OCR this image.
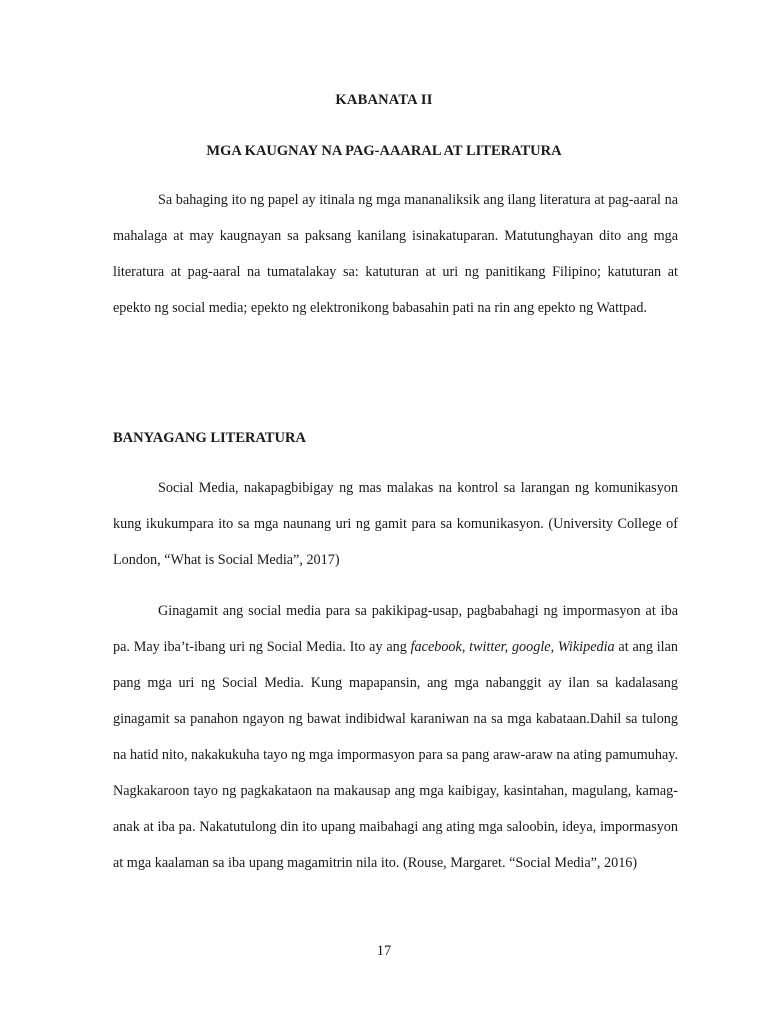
KABANATA II

MGA KAUGNAY NA PAG-AAARAL AT LITERATURA

Sa bahaging ito ng papel ay itinala ng mga mananaliksik ang ilang literatura at pag-aaral na mahalaga at may kaugnayan sa paksang kanilang isinakatuparan. Matutunghayan dito ang mga literatura at pag-aaral na tumatalakay sa: katuturan at uri ng panitikang Filipino; katuturan at epekto ng social media; epekto ng elektronikong babasahin pati na rin ang epekto ng Wattpad.

BANYAGANG LITERATURA

Social Media, nakapagbibigay ng mas malakas na kontrol sa larangan ng komunikasyon kung ikukumpara ito sa mga naunang uri ng gamit para sa komunikasyon. (University College of London, “What is Social Media”, 2017)

Ginagamit ang social media para sa pakikipag-usap, pagbabahagi ng impormasyon at iba pa. May iba’t-ibang uri ng Social Media. Ito ay ang facebook, twitter, google, Wikipedia at ang ilan pang mga uri ng Social Media. Kung mapapansin, ang mga nabanggit ay ilan sa kadalasang ginagamit sa panahon ngayon ng bawat indibidwal karaniwan na sa mga kabataan.Dahil sa tulong na hatid nito, nakakukuha tayo ng mga impormasyon para sa pang araw-araw na ating pamumuhay. Nagkakaroon tayo ng pagkakataon na makausap ang mga kaibigay, kasintahan, magulang, kamag-anak at iba pa. Nakatutulong din ito upang maibahagi ang ating mga saloobin, ideya, impormasyon at mga kaalaman sa iba upang magamitrin nila ito. (Rouse, Margaret. “Social Media”, 2016)

17
